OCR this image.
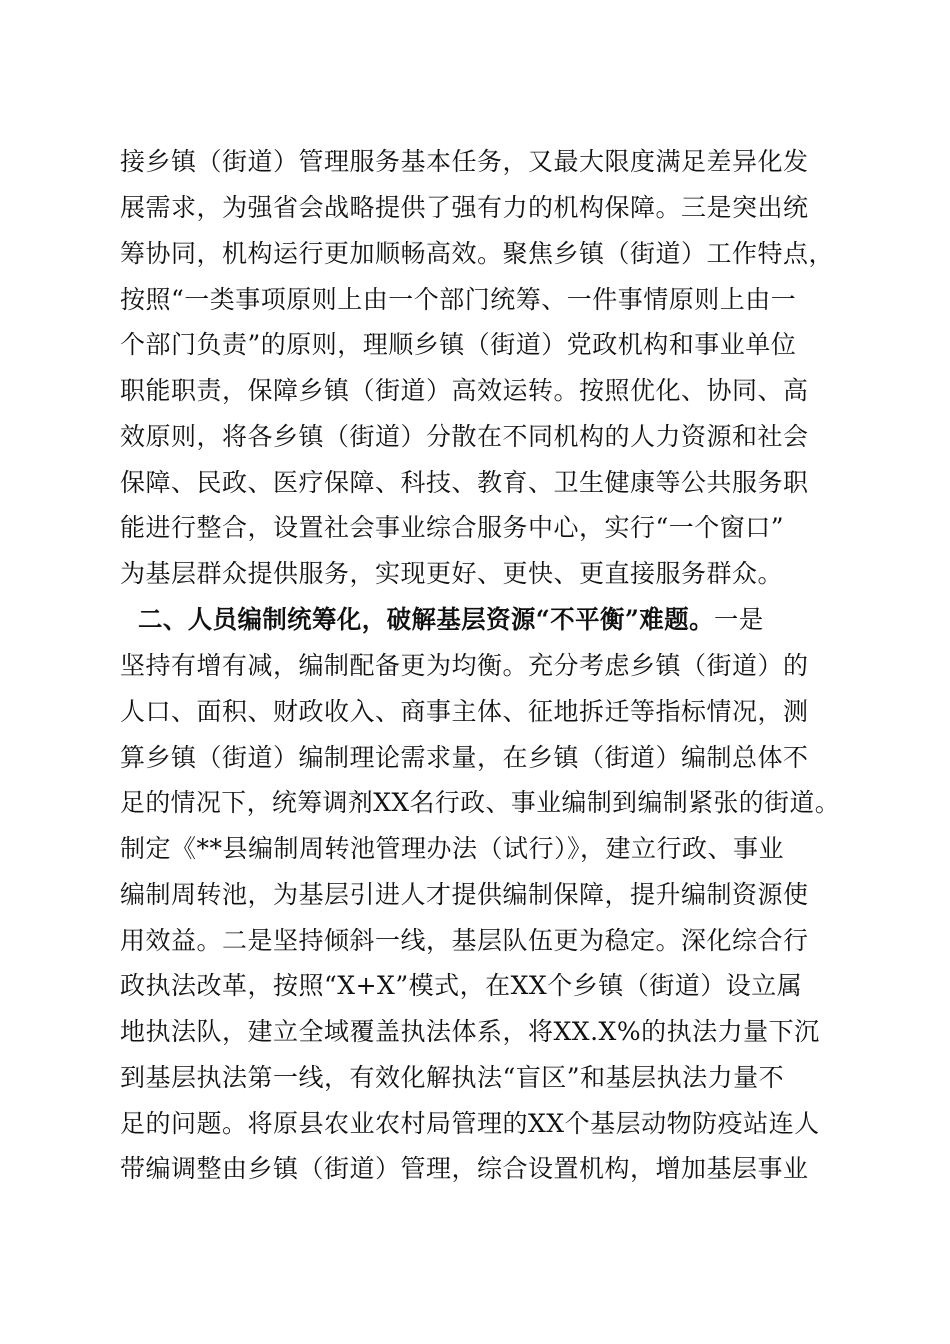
接乡镇（街道）管理服务基本任务，又最大限度满足差异化发
展需求，为强省会战略提供了强有力的机构保障。三是突出统
筹协同，机构运行更加顺畅高效。聚焦乡镇（街道）工作特点，
按照“一类事项原则上由一个部门统筹、一件事情原则上由一
个部门负责”的原则，理顺乡镇（街道）党政机构和事业单位
职能职责，保障乡镇（街道）高效运转。按照优化、协同、高
效原则，将各乡镇（街道）分散在不同机构的人力资源和社会
保障、民政、医疗保障、科技、教育、卫生健康等公共服务职
能进行整合，设置社会事业综合服务中心，实行“一个窗口”
为基层群众提供服务，实现更好、更快、更直接服务群众。
二、人员编制统筹化，破解基层资源“不平衡”难题。一是
坚持有增有减，编制配备更为均衡。充分考虑乡镇（街道）的
人口、面积、财政收入、商事主体、征地拆迁等指标情况，测
算乡镇（街道）编制理论需求量，在乡镇（街道）编制总体不
足的情况下，统筹调剂XX名行政、事业编制到编制紧张的街道。
制定《**县编制周转池管理办法（试行）》，建立行政、事业
编制周转池，为基层引进人才提供编制保障，提升编制资源使
用效益。二是坚持倾斜一线，基层队伍更为稳定。深化综合行
政执法改革，按照“X+X”模式，在XX个乡镇（街道）设立属
地执法队，建立全域覆盖执法体系，将XX.X%的执法力量下沉
到基层执法第一线，有效化解执法“盲区”和基层执法力量不
足的问题。将原县农业农村局管理的XX个基层动物防疫站连人
带编调整由乡镇（街道）管理，综合设置机构，增加基层事业
